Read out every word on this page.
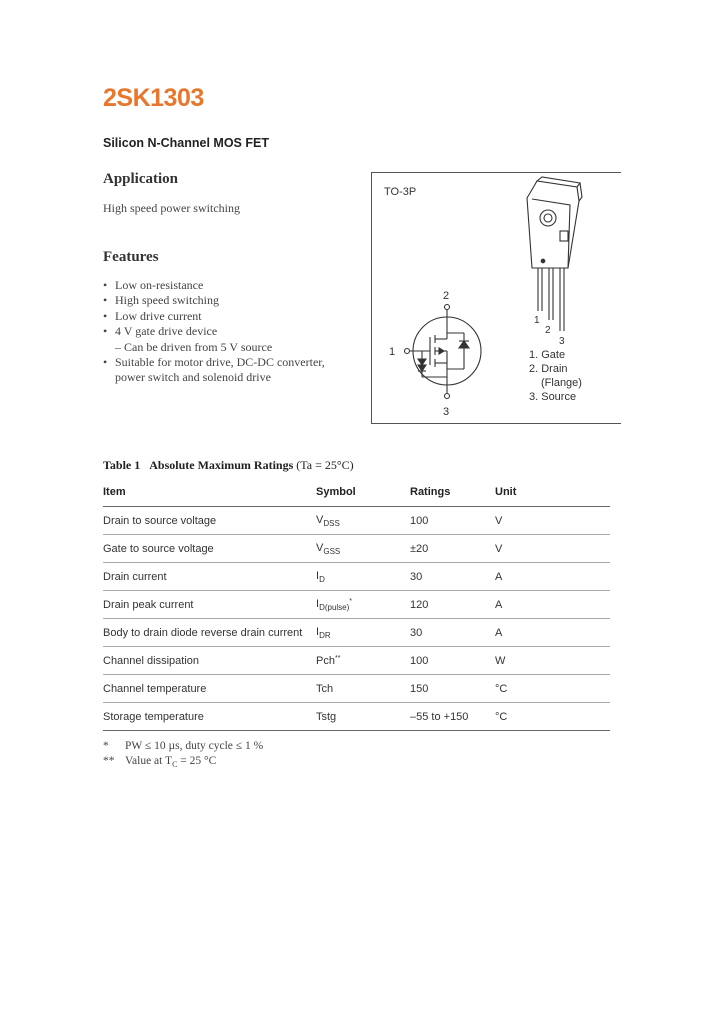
2SK1303
Silicon N-Channel MOS FET
Application
High speed power switching
Features
• Low on-resistance
• High speed switching
• Low drive current
• 4 V gate drive device
– Can be driven from 5 V source
• Suitable for motor drive, DC-DC converter,
power switch and solenoid drive
TO-3P
1
2
3
2
1
3
1. Gate
2. Drain
(Flange)
3. Source
Table 1 Absolute Maximum Ratings (Ta = 25°C)
Item	Symbol	Ratings	Unit
Drain to source voltage	$V_{DSS}$	100	V
Gate to source voltage	$V_{GSS}$	±20	V
Drain current	$I_D$	30	A
Drain peak current	$I_{D(pulse)}^*$	120	A
Body to drain diode reverse drain current	$I_{DR}$	30	A
Channel dissipation	Pch**	100	W
Channel temperature	Tch	150	°C
Storage temperature	Tstg	–55 to +150	°C
* PW ≤ 10 µs, duty cycle ≤ 1 %
** Value at $T_C = 25$ °C
